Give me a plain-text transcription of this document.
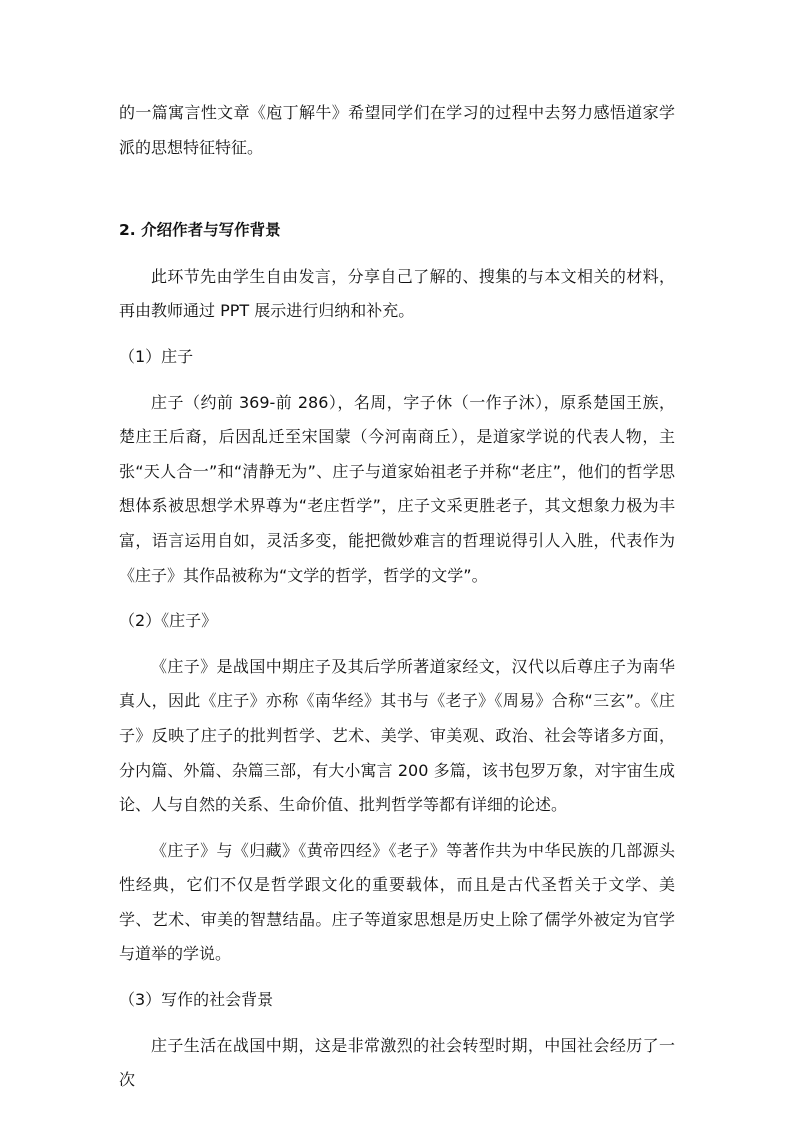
的一篇寓言性文章《庖丁解牛》希望同学们在学习的过程中去努力感悟道家学派的思想特征特征。

2. 介绍作者与写作背景

此环节先由学生自由发言，分享自己了解的、搜集的与本文相关的材料，再由教师通过 PPT 展示进行归纳和补充。

（1）庄子

庄子（约前 369-前 286），名周，字子休（一作子沐），原系楚国王族，楚庄王后裔，后因乱迁至宋国蒙（今河南商丘），是道家学说的代表人物，主张“天人合一”和“清静无为”、庄子与道家始祖老子并称“老庄”，他们的哲学思想体系被思想学术界尊为“老庄哲学”，庄子文采更胜老子，其文想象力极为丰富，语言运用自如，灵活多变，能把微妙难言的哲理说得引人入胜，代表作为《庄子》其作品被称为“文学的哲学，哲学的文学”。

（2）《庄子》

《庄子》是战国中期庄子及其后学所著道家经文，汉代以后尊庄子为南华真人，因此《庄子》亦称《南华经》其书与《老子》《周易》合称“三玄”。《庄子》反映了庄子的批判哲学、艺术、美学、审美观、政治、社会等诸多方面，分内篇、外篇、杂篇三部，有大小寓言 200 多篇，该书包罗万象，对宇宙生成论、人与自然的关系、生命价值、批判哲学等都有详细的论述。

《庄子》与《归藏》《黄帝四经》《老子》等著作共为中华民族的几部源头性经典，它们不仅是哲学跟文化的重要载体，而且是古代圣哲关于文学、美学、艺术、审美的智慧结晶。庄子等道家思想是历史上除了儒学外被定为官学与道举的学说。

（3）写作的社会背景

庄子生活在战国中期，这是非常激烈的社会转型时期，中国社会经历了一次
